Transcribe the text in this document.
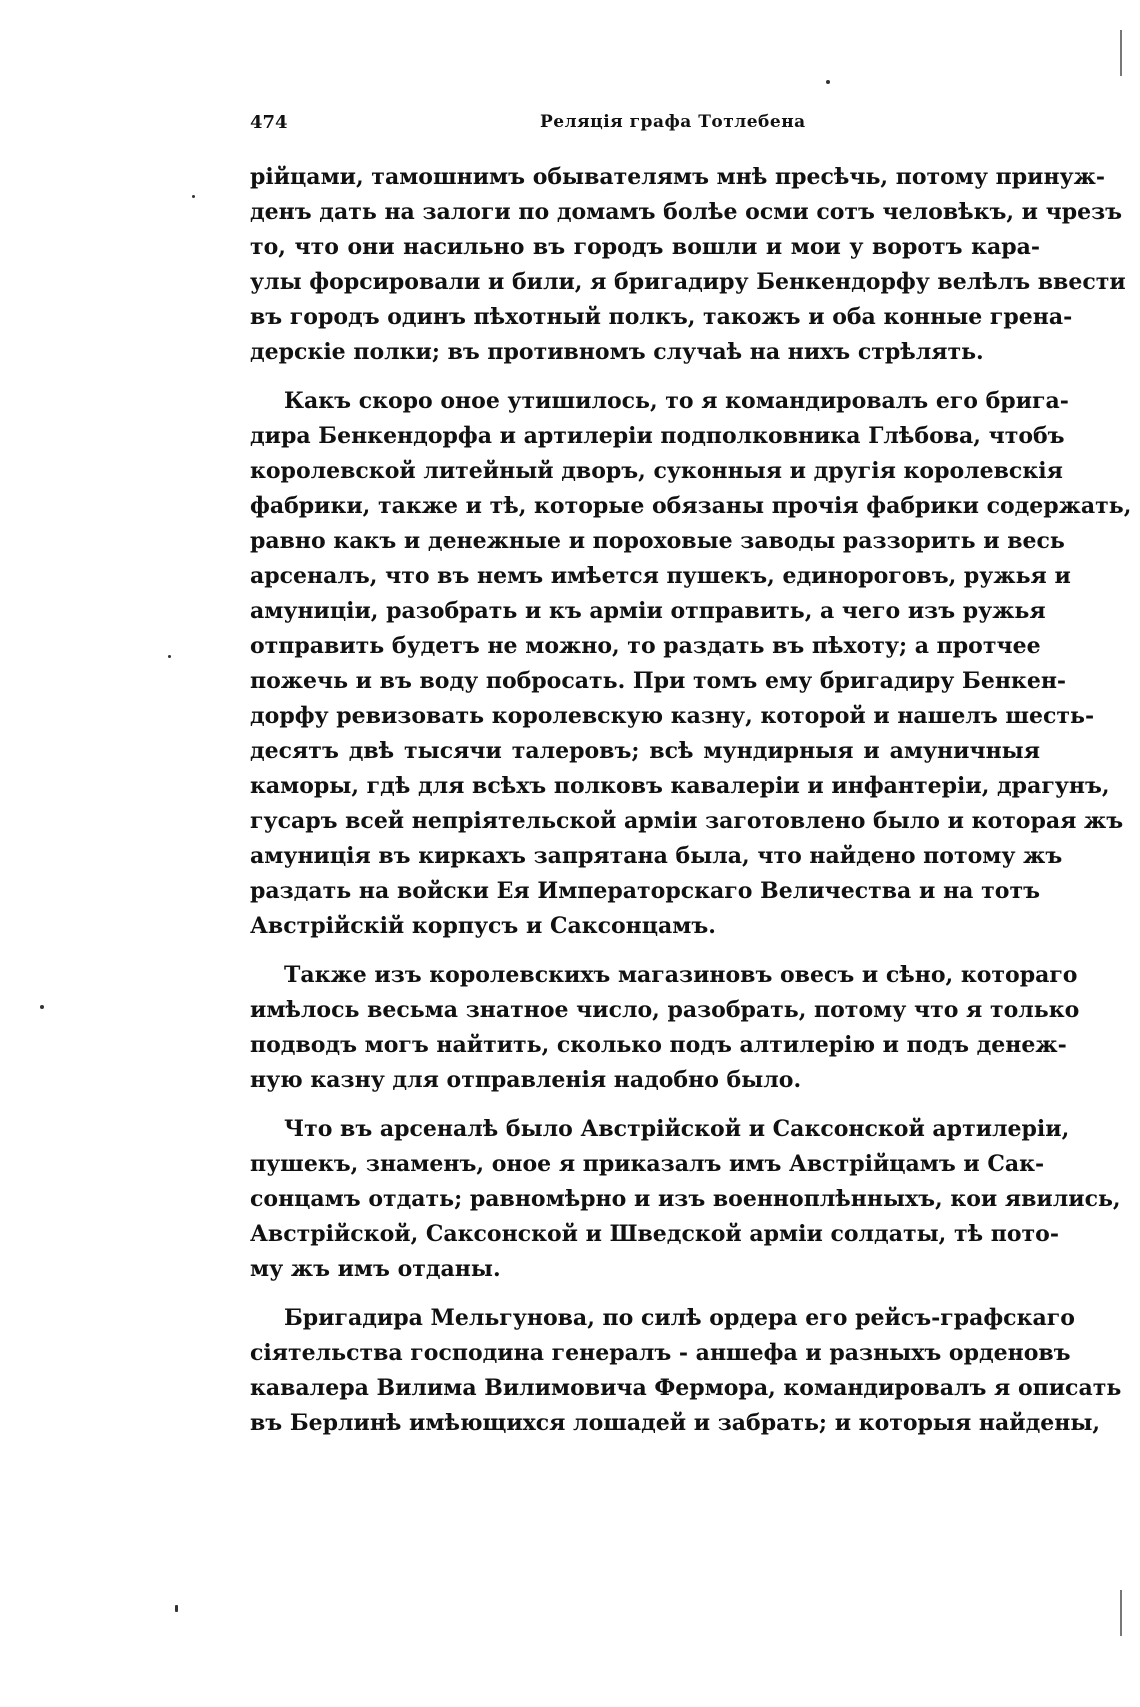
474	Реляція графа Тотлебена

рійцами, тамошнимъ обывателямъ мнѣ пресѣчь, потому принуж-
денъ дать на залоги по домамъ болѣе осми сотъ человѣкъ, и чрезъ
то, что они насильно въ городъ вошли и мои у воротъ кара-
улы форсировали и били, я бригадиру Бенкендорфу велѣлъ ввести
въ городъ одинъ пѣхотный полкъ, такожъ и оба конные грена-
дерскіе полки; въ противномъ случаѣ на нихъ стрѣлять.

Какъ скоро оное утишилось, то я командировалъ его брига-
дира Бенкендорфа и артилеріи подполковника Глѣбова, чтобъ
королевской литейный дворъ, суконныя и другія королевскія
фабрики, также и тѣ, которые обязаны прочія фабрики содержать,
равно какъ и денежные и пороховые заводы раззорить и весь
арсеналъ, что въ немъ имѣется пушекъ, единороговъ, ружья и
амуниціи, разобрать и къ арміи отправить, а чего изъ ружья
отправить будетъ не можно, то раздать въ пѣхоту; а протчее
пожечь и въ воду побросать. При томъ ему бригадиру Бенкен-
дорфу ревизовать королевскую казну, которой и нашелъ шесть-
десятъ двѣ тысячи талеровъ; всѣ мундирныя и амуничныя
каморы, гдѣ для всѣхъ полковъ кавалеріи и инфантеріи, драгунъ,
гусаръ всей непріятельской арміи заготовлено было и которая жъ
амуниція въ киркахъ запрятана была, что найдено потому жъ
раздать на войски Ея Императорскаго Величества и на тотъ
Австрійскій корпусъ и Саксонцамъ.

Также изъ королевскихъ магазиновъ овесъ и сѣно, котораго
имѣлось весьма знатное число, разобрать, потому что я только
подводъ могъ найтить, сколько подъ алтилерію и подъ денеж-
ную казну для отправленія надобно было.

Что въ арсеналѣ было Австрійской и Саксонской артилеріи,
пушекъ, знаменъ, оное я приказалъ имъ Австрійцамъ и Сак-
сонцамъ отдать; равномѣрно и изъ военноплѣнныхъ, кои явились,
Австрійской, Саксонской и Шведской арміи солдаты, тѣ пото-
му жъ имъ отданы.

Бригадира Мельгунова, по силѣ ордера его рейсъ-графскаго
сіятельства господина генералъ - аншефа и разныхъ орденовъ
кавалера Вилима Вилимовича Фермора, командировалъ я описать
въ Берлинѣ имѣющихся лошадей и забрать; и которыя найдены,
